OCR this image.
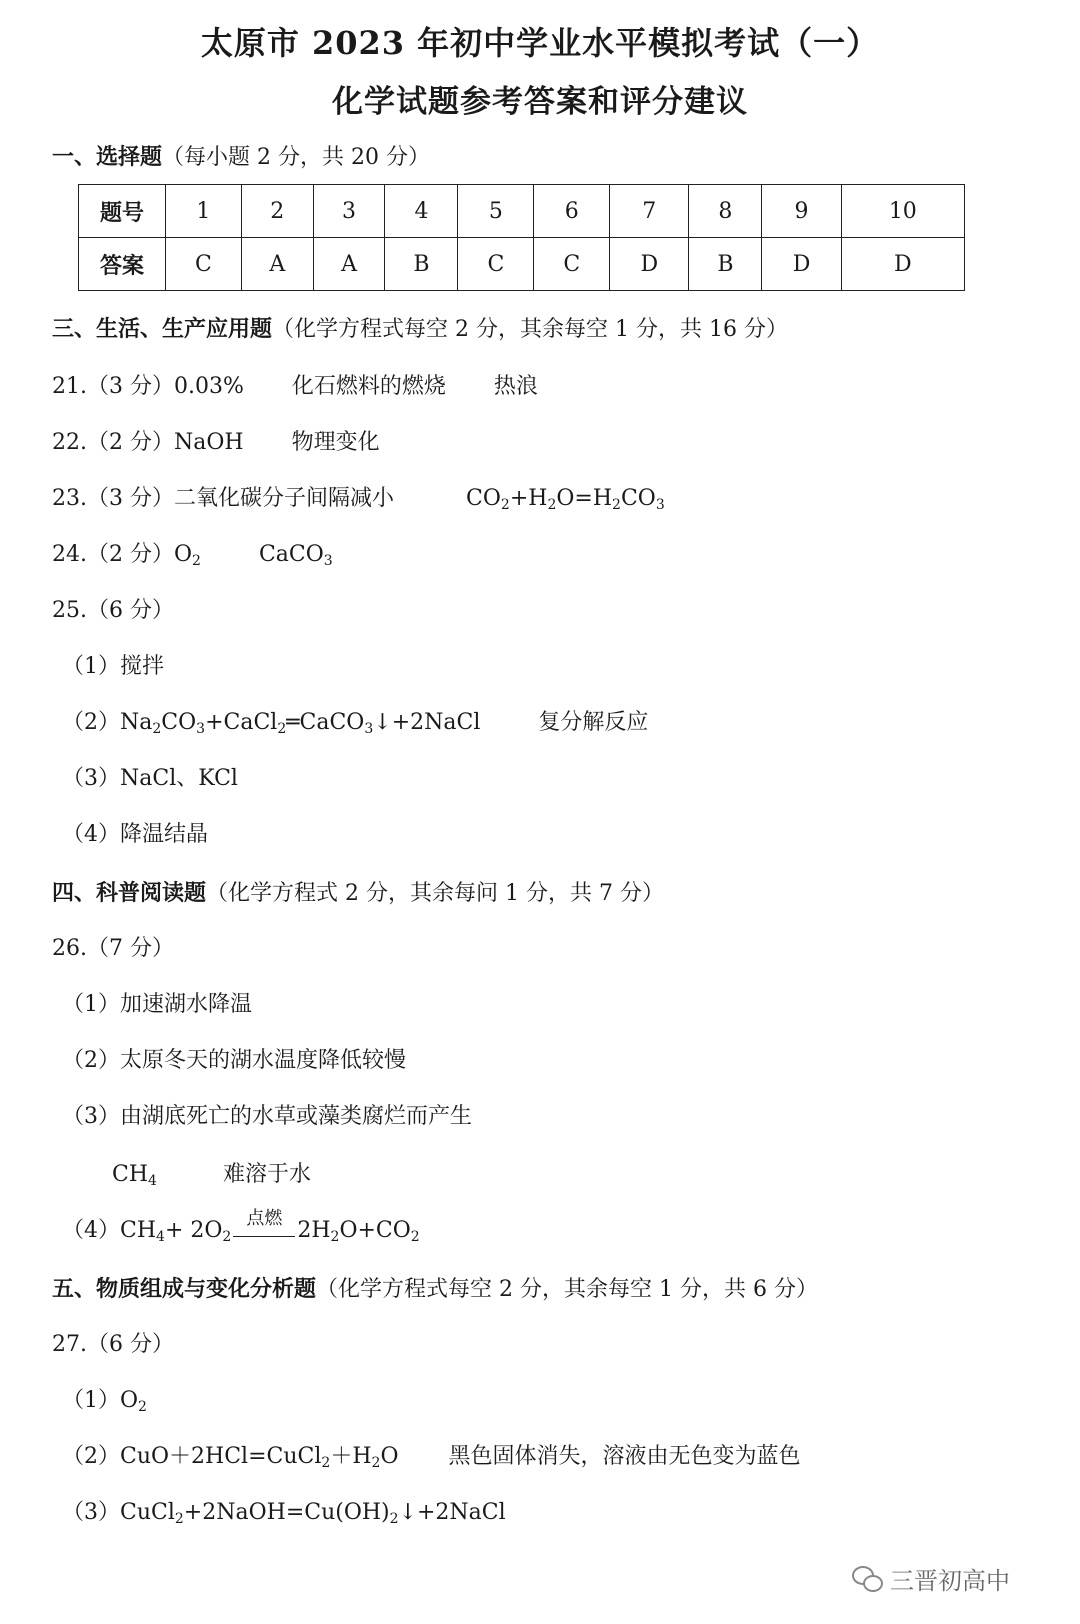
太原市 2023 年初中学业水平模拟考试（一）
化学试题参考答案和评分建议
一、选择题（每小题 2 分，共 20 分）
题号	1	2	3	4	5	6	7	8	9	10
答案	C	A	A	B	C	C	D	B	D	D
三、生活、生产应用题（化学方程式每空 2 分，其余每空 1 分，共 16 分）
21.（3 分）0.03% 化石燃料的燃烧 热浪
22.（2 分）NaOH 物理变化
23.（3 分）二氧化碳分子间隔减小	$CO_2+H_2O=H_2CO_3$
24.（2 分）$O_2$	CaCO$_3$
25.（6 分）
（1）搅拌
$(2)Na_2CO_3+CaCl_2═CaCO_3↓+2NaCl$	复分解反应
（3）NaCl、KCl
（4）降温结晶
四、科普阅读题（化学方程式 2 分，其余每问 1 分，共 7 分）
26.（7 分）
（1）加速湖水降温
（2）太原冬天的湖水温度降低较慢
（3）由湖底死亡的水草或藻类腐烂而产生
$CH_4$	难溶于水
$(4)CH_4+ 2O_2$
点燃 $2H_2O+CO_2$
五、物质组成与变化分析题（化学方程式每空 2 分，其余每空 1 分，共 6 分）
27.（6 分）
$(1)O_2$
$(2)CuO+2HCl=CuCl_2+H_2O$ 黑色固体消失，溶液由无色变为蓝色
$(3)CuCl_2+2NaOH=Cu(OH)_2↓+2NaCl$
三晋初高中
